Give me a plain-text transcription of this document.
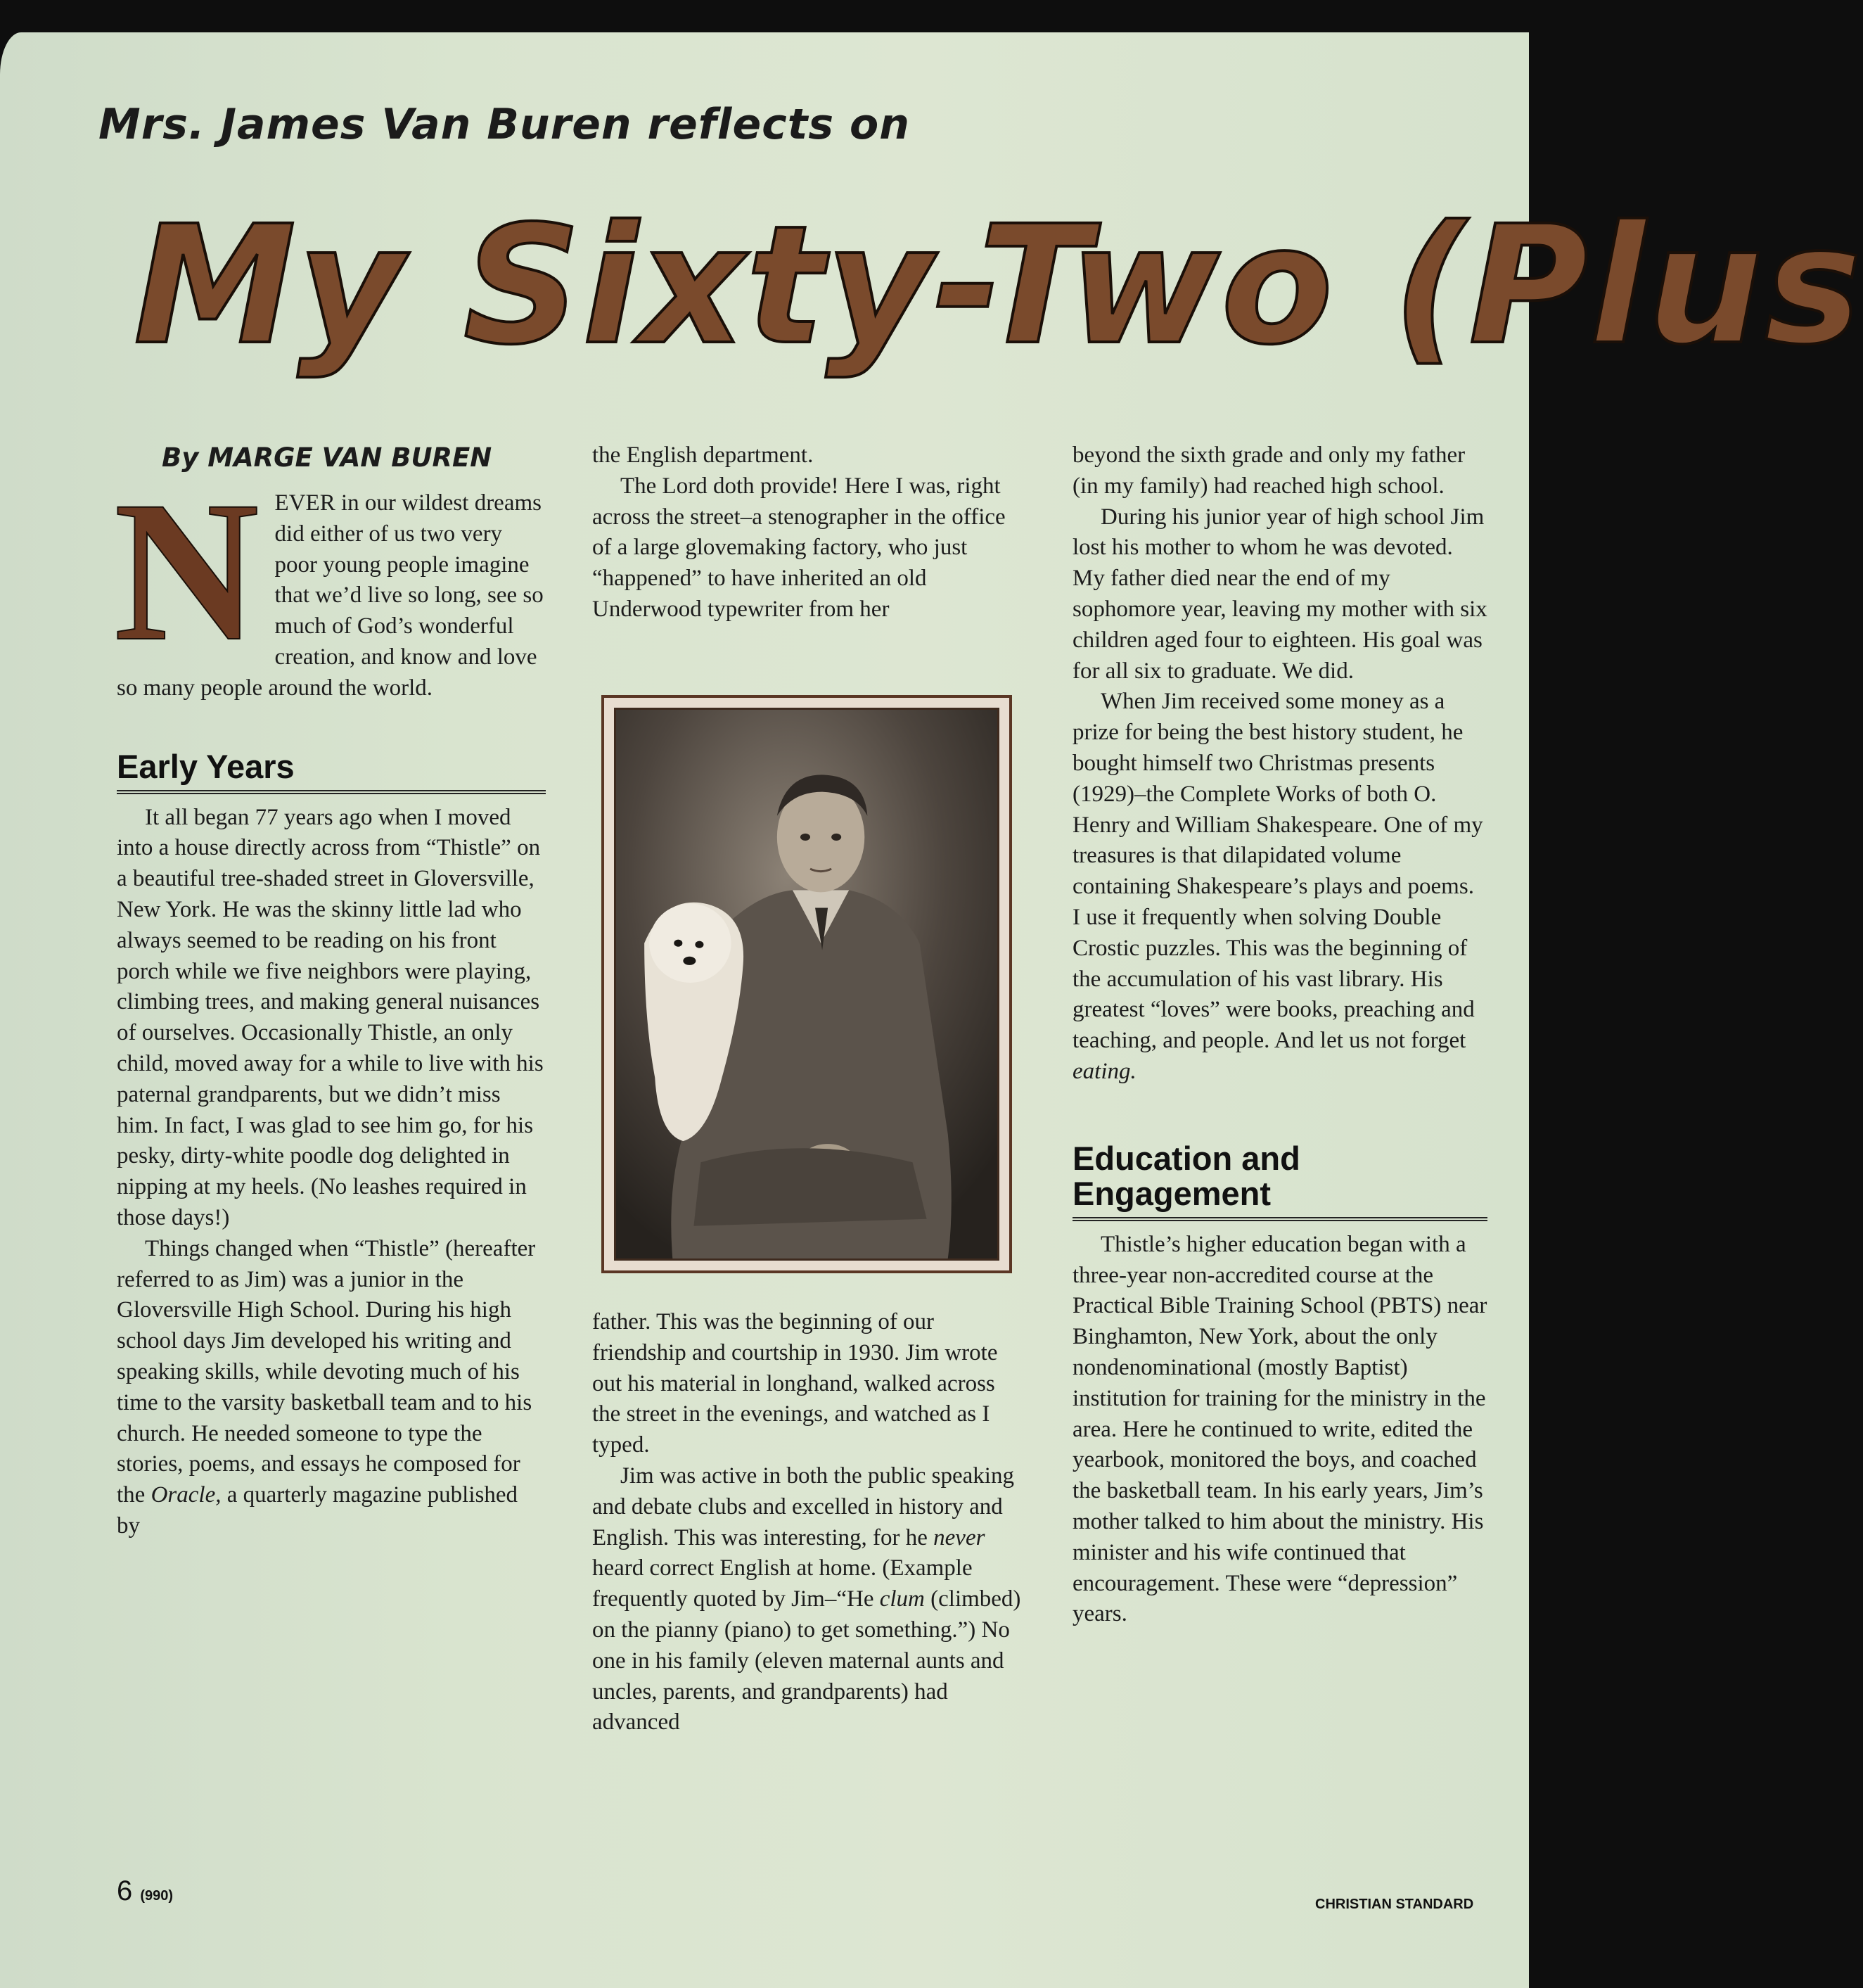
Mrs. James Van Buren reflects on
My Sixty-Two (Plus
By MARGE VAN BUREN

NEVER in our wildest dreams did either of us two very poor young people imagine that we’d live so long, see so much of God’s wonderful creation, and know and love so many people around the world.

Early Years

It all began 77 years ago when I moved into a house directly across from “Thistle” on a beautiful tree-shaded street in Gloversville, New York. He was the skinny little lad who always seemed to be reading on his front porch while we five neighbors were playing, climbing trees, and making general nuisances of ourselves. Occasionally Thistle, an only child, moved away for a while to live with his paternal grandparents, but we didn’t miss him. In fact, I was glad to see him go, for his pesky, dirty-white poodle dog delighted in nipping at my heels. (No leashes required in those days!)

Things changed when “Thistle” (hereafter referred to as Jim) was a junior in the Gloversville High School. During his high school days Jim developed his writing and speaking skills, while devoting much of his time to the varsity basketball team and to his church. He needed someone to type the stories, poems, and essays he composed for the Oracle, a quarterly magazine published by

the English department.

The Lord doth provide! Here I was, right across the street–a stenographer in the office of a large glovemaking factory, who just “happened” to have inherited an old Underwood typewriter from her

father. This was the beginning of our friendship and courtship in 1930. Jim wrote out his material in longhand, walked across the street in the evenings, and watched as I typed.

Jim was active in both the public speaking and debate clubs and excelled in history and English. This was interesting, for he never heard correct English at home. (Example frequently quoted by Jim–“He clum (climbed) on the pianny (piano) to get something.”) No one in his family (eleven maternal aunts and uncles, parents, and grandparents) had advanced

beyond the sixth grade and only my father (in my family) had reached high school.

During his junior year of high school Jim lost his mother to whom he was devoted. My father died near the end of my sophomore year, leaving my mother with six children aged four to eighteen. His goal was for all six to graduate. We did.

When Jim received some money as a prize for being the best history student, he bought himself two Christmas presents (1929)–the Complete Works of both O. Henry and William Shakespeare. One of my treasures is that dilapidated volume containing Shakespeare’s plays and poems. I use it frequently when solving Double Crostic puzzles. This was the beginning of the accumulation of his vast library. His greatest “loves” were books, preaching and teaching, and people. And let us not forget eating.

Education and Engagement

Thistle’s higher education began with a three-year non-accredited course at the Practical Bible Training School (PBTS) near Binghamton, New York, about the only nondenominational (mostly Baptist) institution for training for the ministry in the area. Here he continued to write, edited the yearbook, monitored the boys, and coached the basketball team. In his early years, Jim’s mother talked to him about the ministry. His minister and his wife continued that encouragement. These were “depression” years.

6 (990)
CHRISTIAN STANDARD
